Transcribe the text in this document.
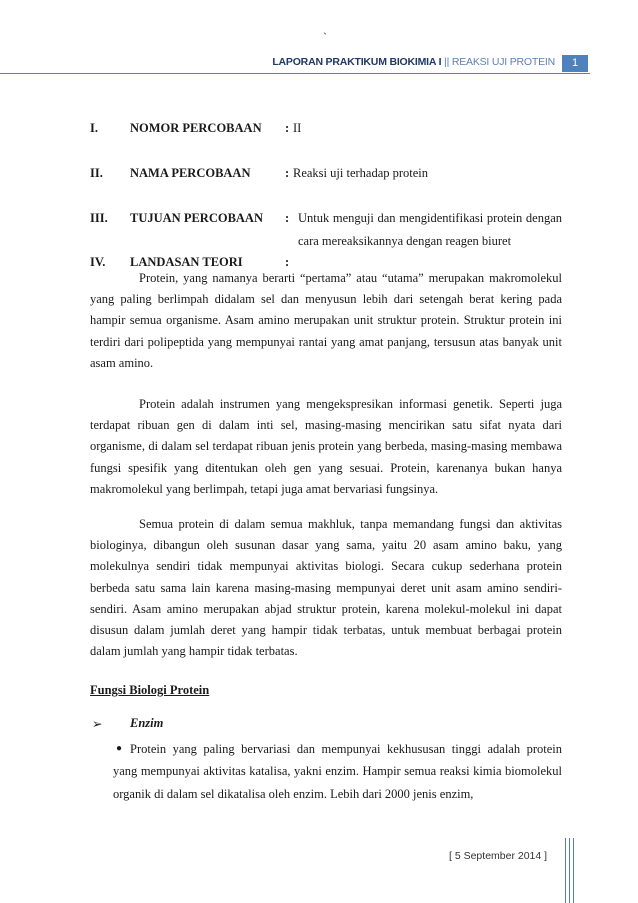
`
LAPORAN PRAKTIKUM BIOKIMIA I || REAKSI UJI PROTEIN	1
I.	NOMOR PERCOBAAN : II
II. NAMA PERCOBAAN	: Reaksi uji terhadap protein
III. TUJUAN PERCOBAAN : Untuk menguji dan mengidentifikasi protein dengan
cara mereaksikannya dengan reagen biuret
IV. LANDASAN TEORI	:

Protein, yang namanya berarti “pertama” atau “utama” merupakan makromolekul yang paling berlimpah didalam sel dan menyusun lebih dari setengah berat kering pada hampir semua organisme. Asam amino merupakan unit struktur protein. Struktur protein ini terdiri dari polipeptida yang mempunyai rantai yang amat panjang, tersusun atas banyak unit asam amino.

Protein adalah instrumen yang mengekspresikan informasi genetik. Seperti juga terdapat ribuan gen di dalam inti sel, masing-masing mencirikan satu sifat nyata dari organisme, di dalam sel terdapat ribuan jenis protein yang berbeda, masing-masing membawa fungsi spesifik yang ditentukan oleh gen yang sesuai. Protein, karenanya bukan hanya makromolekul yang berlimpah, tetapi juga amat bervariasi fungsinya.

Semua protein di dalam semua makhluk, tanpa memandang fungsi dan aktivitas biologinya, dibangun oleh susunan dasar yang sama, yaitu 20 asam amino baku, yang molekulnya sendiri tidak mempunyai aktivitas biologi. Secara cukup sederhana protein berbeda satu sama lain karena masing-masing mempunyai deret unit asam amino sendiri-sendiri. Asam amino merupakan abjad struktur protein, karena molekul-molekul ini dapat disusun dalam jumlah deret yang hampir tidak terbatas, untuk membuat berbagai protein dalam jumlah yang hampir tidak terbatas.

Fungsi Biologi Protein
➢ Enzim
● Protein yang paling bervariasi dan mempunyai kekhususan tinggi adalah protein

yang mempunyai aktivitas katalisa, yakni enzim. Hampir semua reaksi kimia biomolekul organik di dalam sel dikatalisa oleh enzim. Lebih dari 2000 jenis enzim,

[ 5 September 2014 ]
